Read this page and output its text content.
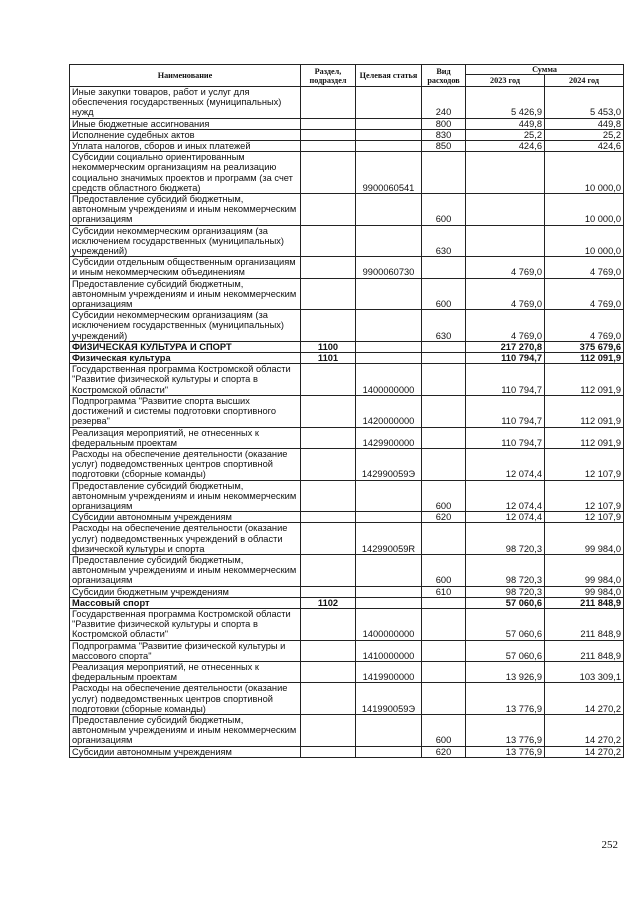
Наименование	Раздел, подраздел	Целевая статья	Вид расходов	Сумма	
				2023 год	2024 год
Иные закупки товаров, работ и услуг для обеспечения государственных (муниципальных) нужд			240	5 426,9	5 453,0
Иные бюджетные ассигнования			800	449,8	449,8
Исполнение судебных актов			830	25,2	25,2
Уплата налогов, сборов и иных платежей			850	424,6	424,6
Субсидии социально ориентированным некоммерческим организациям на реализацию социально значимых проектов и программ (за счет средств областного бюджета)		9900060541			10 000,0
Предоставление субсидий бюджетным, автономным учреждениям и иным некоммерческим организациям			600		10 000,0
Субсидии некоммерческим организациям (за исключением государственных (муниципальных) учреждений)			630		10 000,0
Субсидии отдельным общественным организациям и иным некоммерческим объединениям		9900060730		4 769,0	4 769,0
Предоставление субсидий бюджетным, автономным учреждениям и иным некоммерческим организациям			600	4 769,0	4 769,0
Субсидии некоммерческим организациям (за исключением государственных (муниципальных) учреждений)			630	4 769,0	4 769,0
ФИЗИЧЕСКАЯ КУЛЬТУРА И СПОРТ	1100			217 270,8	375 679,6
Физическая культура	1101			110 794,7	112 091,9
Государственная программа Костромской области "Развитие физической культуры и спорта в Костромской области"		1400000000		110 794,7	112 091,9
Подпрограмма "Развитие спорта высших достижений и системы подготовки спортивного резерва"		1420000000		110 794,7	112 091,9
Реализация мероприятий, не отнесенных к федеральным проектам		1429900000		110 794,7	112 091,9
Расходы на обеспечение деятельности (оказание услуг) подведомственных центров спортивной подготовки (сборные команды)		142990059Э		12 074,4	12 107,9
Предоставление субсидий бюджетным, автономным учреждениям и иным некоммерческим организациям			600	12 074,4	12 107,9
Субсидии автономным учреждениям			620	12 074,4	12 107,9
Расходы на обеспечение деятельности (оказание услуг) подведомственных учреждений в области физической культуры и спорта		142990059R		98 720,3	99 984,0
Предоставление субсидий бюджетным, автономным учреждениям и иным некоммерческим организациям			600	98 720,3	99 984,0
Субсидии бюджетным учреждениям			610	98 720,3	99 984,0
Массовый спорт	1102			57 060,6	211 848,9
Государственная программа Костромской области "Развитие физической культуры и спорта в Костромской области"		1400000000		57 060,6	211 848,9
Подпрограмма "Развитие физической культуры и массового спорта"		1410000000		57 060,6	211 848,9
Реализация мероприятий, не отнесенных к федеральным проектам		1419900000		13 926,9	103 309,1
Расходы на обеспечение деятельности (оказание услуг) подведомственных центров спортивной подготовки (сборные команды)		141990059Э		13 776,9	14 270,2
Предоставление субсидий бюджетным, автономным учреждениям и иным некоммерческим организациям			600	13 776,9	14 270,2
Субсидии автономным учреждениям			620	13 776,9	14 270,2
252
